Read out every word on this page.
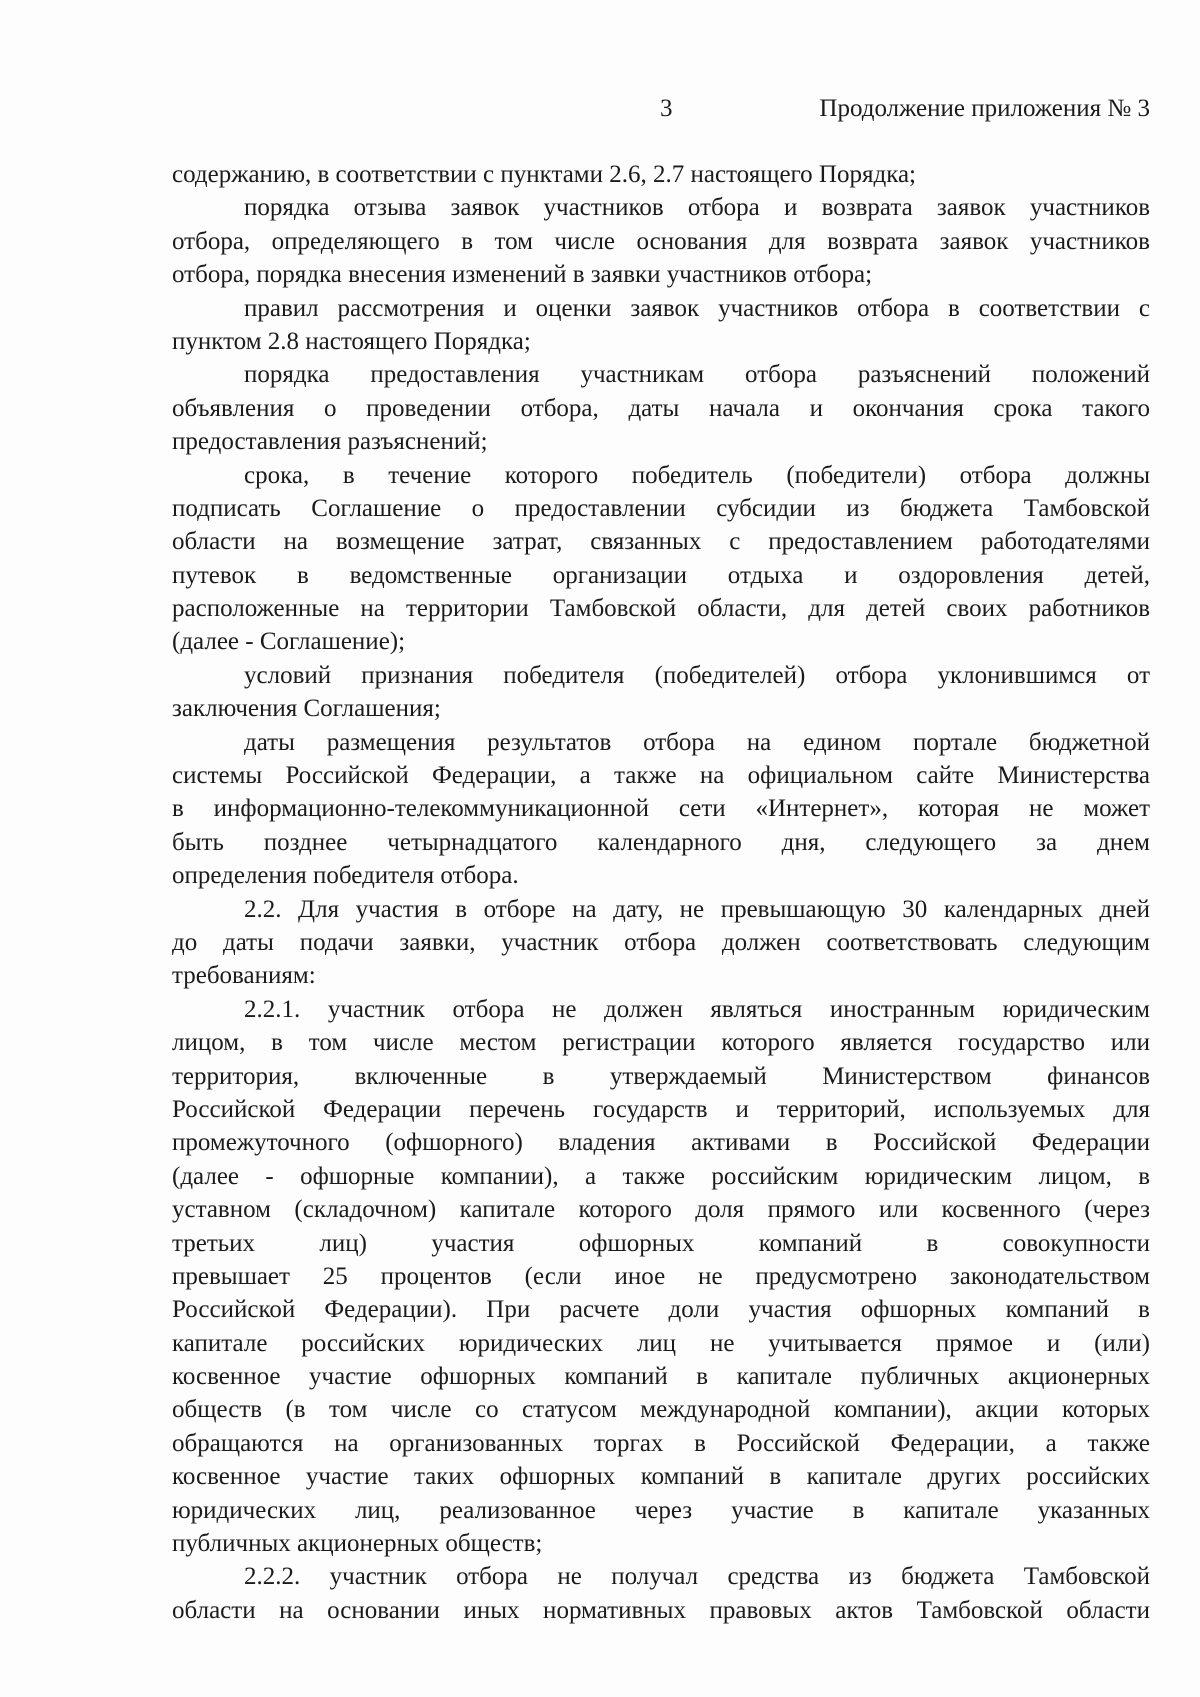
3	Продолжение приложения № 3
содержанию, в соответствии с пунктами 2.6, 2.7 настоящего Порядка;
порядка отзыва заявок участников отбора и возврата заявок участников
отбора, определяющего в том числе основания для возврата заявок участников
отбора, порядка внесения изменений в заявки участников отбора;
правил рассмотрения и оценки заявок участников отбора в соответствии с
пунктом 2.8 настоящего Порядка;
порядка предоставления участникам отбора разъяснений положений
объявления о проведении отбора, даты начала и окончания срока такого
предоставления разъяснений;
срока, в течение которого победитель (победители) отбора должны
подписать Соглашение о предоставлении субсидии из бюджета Тамбовской
области на возмещение затрат, связанных с предоставлением работодателями
путевок в ведомственные организации отдыха и оздоровления детей,
расположенные на территории Тамбовской области, для детей своих работников
(далее - Соглашение);
условий признания победителя (победителей) отбора уклонившимся от
заключения Соглашения;
даты размещения результатов отбора на едином портале бюджетной
системы Российской Федерации, а также на официальном сайте Министерства
в информационно-телекоммуникационной сети «Интернет», которая не может
быть позднее четырнадцатого календарного дня, следующего за днем
определения победителя отбора.
2.2. Для участия в отборе на дату, не превышающую 30 календарных дней
до даты подачи заявки, участник отбора должен соответствовать следующим
требованиям:
2.2.1. участник отбора не должен являться иностранным юридическим
лицом, в том числе местом регистрации которого является государство или
территория, включенные в утверждаемый Министерством финансов
Российской Федерации перечень государств и территорий, используемых для
промежуточного (офшорного) владения активами в Российской Федерации
(далее - офшорные компании), а также российским юридическим лицом, в
уставном (складочном) капитале которого доля прямого или косвенного (через
третьих лиц) участия офшорных компаний в совокупности
превышает 25 процентов (если иное не предусмотрено законодательством
Российской Федерации). При расчете доли участия офшорных компаний в
капитале российских юридических лиц не учитывается прямое и (или)
косвенное участие офшорных компаний в капитале публичных акционерных
обществ (в том числе со статусом международной компании), акции которых
обращаются на организованных торгах в Российской Федерации, а также
косвенное участие таких офшорных компаний в капитале других российских
юридических лиц, реализованное через участие в капитале указанных
публичных акционерных обществ;
2.2.2. участник отбора не получал средства из бюджета Тамбовской
области на основании иных нормативных правовых актов Тамбовской области
